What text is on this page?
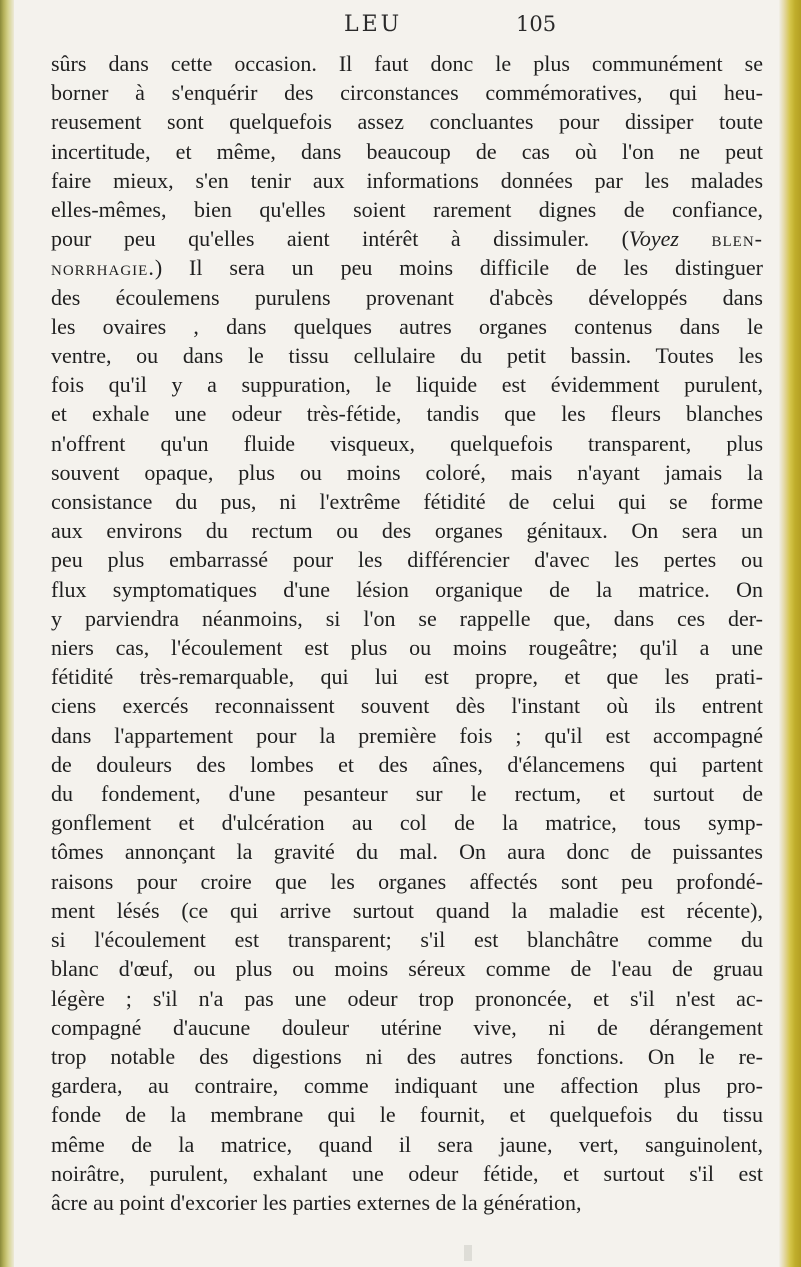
LEU	105
sûrs dans cette occasion. Il faut donc le plus communément se
borner à s'enquérir des circonstances commémoratives, qui heu-
reusement sont quelquefois assez concluantes pour dissiper toute
incertitude, et même, dans beaucoup de cas où l'on ne peut
faire mieux, s'en tenir aux informations données par les malades
elles-mêmes, bien qu'elles soient rarement dignes de confiance,
pour peu qu'elles aient intérêt à dissimuler. (Voyez blen-
norrhagie.) Il sera un peu moins difficile de les distinguer
des écoulemens purulens provenant d'abcès développés dans
les ovaires , dans quelques autres organes contenus dans le
ventre, ou dans le tissu cellulaire du petit bassin. Toutes les
fois qu'il y a suppuration, le liquide est évidemment purulent,
et exhale une odeur très-fétide, tandis que les fleurs blanches
n'offrent qu'un fluide visqueux, quelquefois transparent, plus
souvent opaque, plus ou moins coloré, mais n'ayant jamais la
consistance du pus, ni l'extrême fétidité de celui qui se forme
aux environs du rectum ou des organes génitaux. On sera un
peu plus embarrassé pour les différencier d'avec les pertes ou
flux symptomatiques d'une lésion organique de la matrice. On
y parviendra néanmoins, si l'on se rappelle que, dans ces der-
niers cas, l'écoulement est plus ou moins rougeâtre; qu'il a une
fétidité très-remarquable, qui lui est propre, et que les prati-
ciens exercés reconnaissent souvent dès l'instant où ils entrent
dans l'appartement pour la première fois ; qu'il est accompagné
de douleurs des lombes et des aînes, d'élancemens qui partent
du fondement, d'une pesanteur sur le rectum, et surtout de
gonflement et d'ulcération au col de la matrice, tous symp-
tômes annonçant la gravité du mal. On aura donc de puissantes
raisons pour croire que les organes affectés sont peu profondé-
ment lésés (ce qui arrive surtout quand la maladie est récente),
si l'écoulement est transparent; s'il est blanchâtre comme du
blanc d'œuf, ou plus ou moins séreux comme de l'eau de gruau
légère ; s'il n'a pas une odeur trop prononcée, et s'il n'est ac-
compagné d'aucune douleur utérine vive, ni de dérangement
trop notable des digestions ni des autres fonctions. On le re-
gardera, au contraire, comme indiquant une affection plus pro-
fonde de la membrane qui le fournit, et quelquefois du tissu
même de la matrice, quand il sera jaune, vert, sanguinolent,
noirâtre, purulent, exhalant une odeur fétide, et surtout s'il est
âcre au point d'excorier les parties externes de la génération,
